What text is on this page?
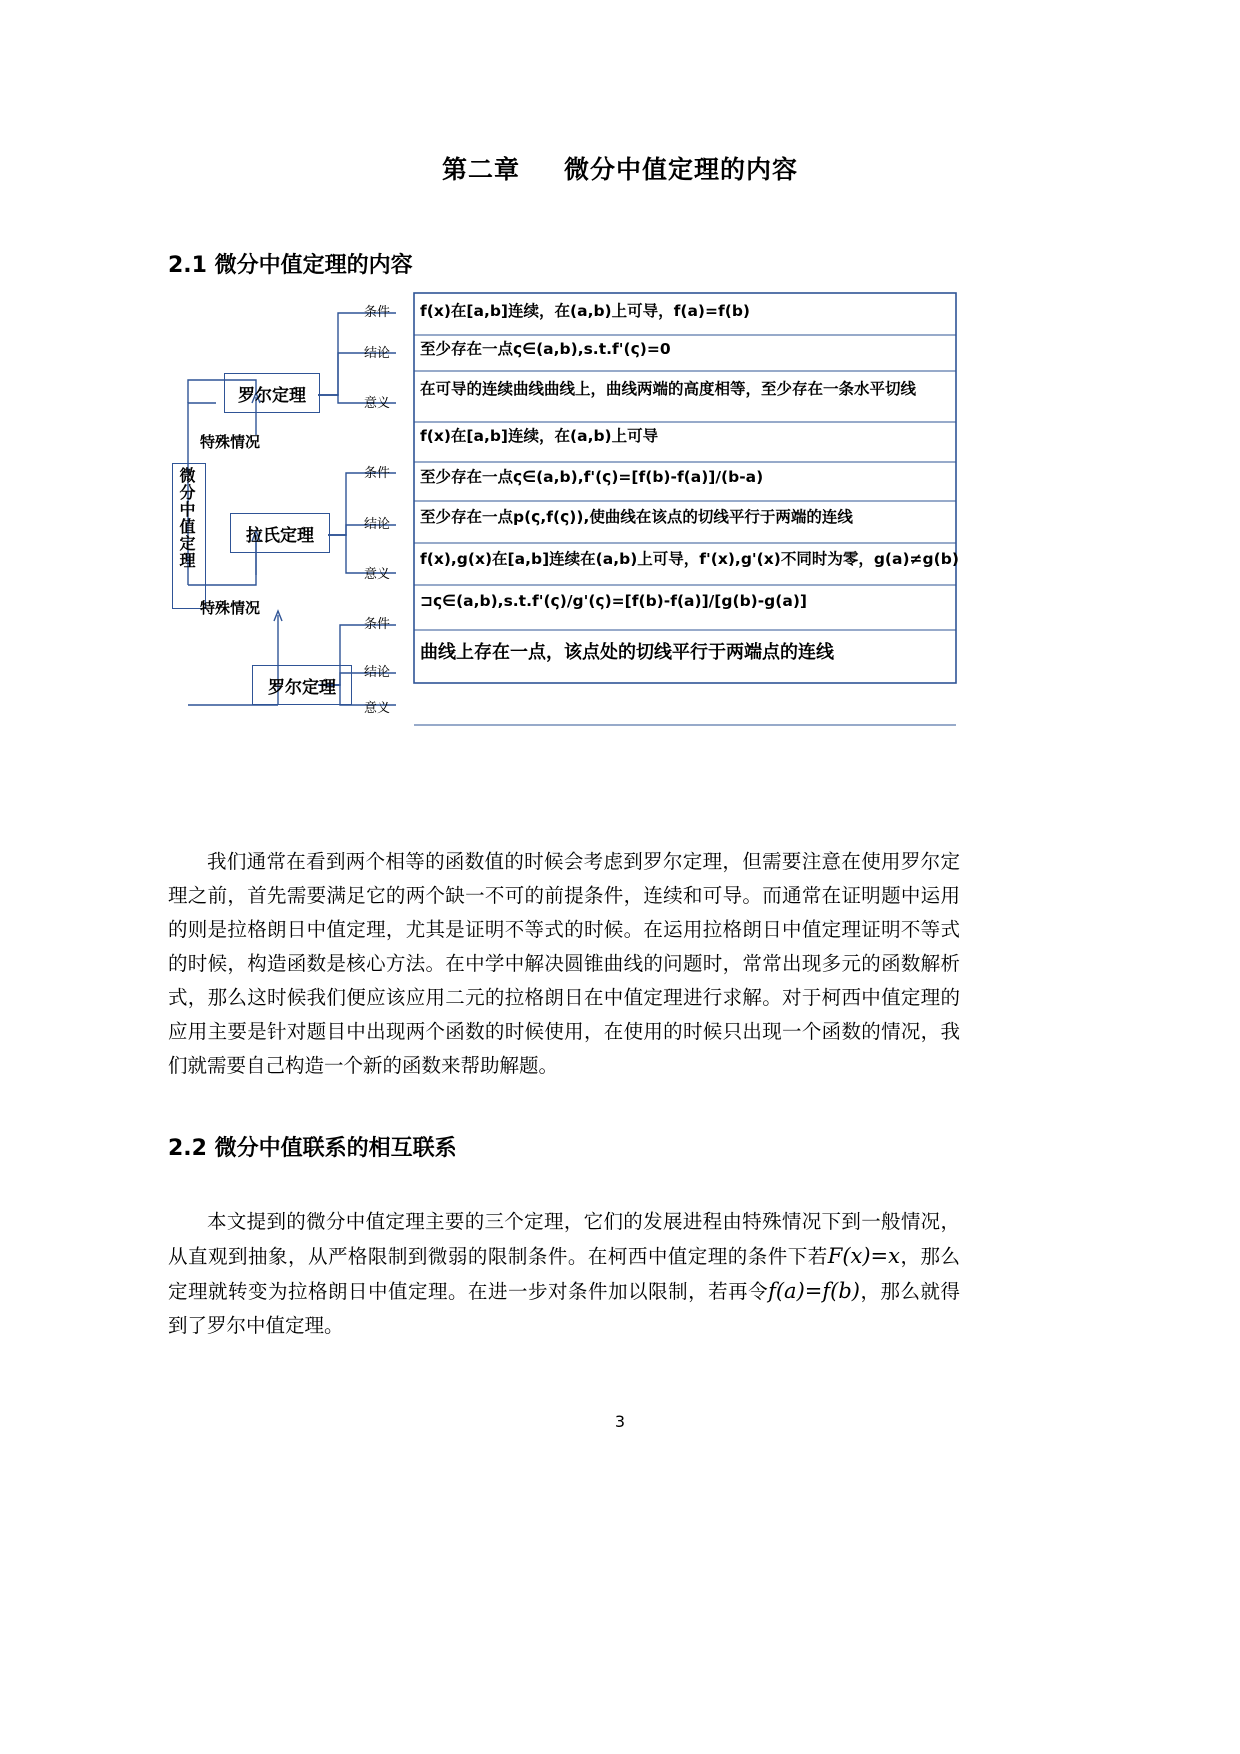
第二章 微分中值定理的内容
2.1 微分中值定理的内容
微分中值定理
罗尔定理
拉氏定理
罗尔定理
特殊情况
特殊情况
条件
结论
意义
条件
结论
意义
条件
结论
意义
f(x)在[a,b]连续，在(a,b)上可导，f(a)=f(b)
至少存在一点ς∈(a,b),s.t.f'(ς)=0
在可导的连续曲线曲线上，曲线两端的高度相等，至少存在一条水平切线
f(x)在[a,b]连续，在(a,b)上可导
至少存在一点ς∈(a,b),f'(ς)=[f(b)-f(a)]/(b-a)
至少存在一点p(ς,f(ς)),使曲线在该点的切线平行于两端的连线
f(x),g(x)在[a,b]连续在(a,b)上可导，f'(x),g'(x)不同时为零，g(a)≠g(b)
⊐ς∈(a,b),s.t.f'(ς)/g'(ς)=[f(b)-f(a)]/[g(b)-g(a)]
曲线上存在一点，该点处的切线平行于两端点的连线

我们通常在看到两个相等的函数值的时候会考虑到罗尔定理，但需要注意在使用罗尔定理之前，首先需要满足它的两个缺一不可的前提条件，连续和可导。而通常在证明题中运用的则是拉格朗日中值定理，尤其是证明不等式的时候。在运用拉格朗日中值定理证明不等式的时候，构造函数是核心方法。在中学中解决圆锥曲线的问题时，常常出现多元的函数解析式，那么这时候我们便应该应用二元的拉格朗日在中值定理进行求解。对于柯西中值定理的应用主要是针对题目中出现两个函数的时候使用，在使用的时候只出现一个函数的情况，我们就需要自己构造一个新的函数来帮助解题。

2.2 微分中值联系的相互联系

本文提到的微分中值定理主要的三个定理，它们的发展进程由特殊情况下到一般情况，从直观到抽象，从严格限制到微弱的限制条件。在柯西中值定理的条件下若F(x)=x，那么定理就转变为拉格朗日中值定理。在进一步对条件加以限制，若再令f(a)=f(b)，那么就得到了罗尔中值定理。

3
